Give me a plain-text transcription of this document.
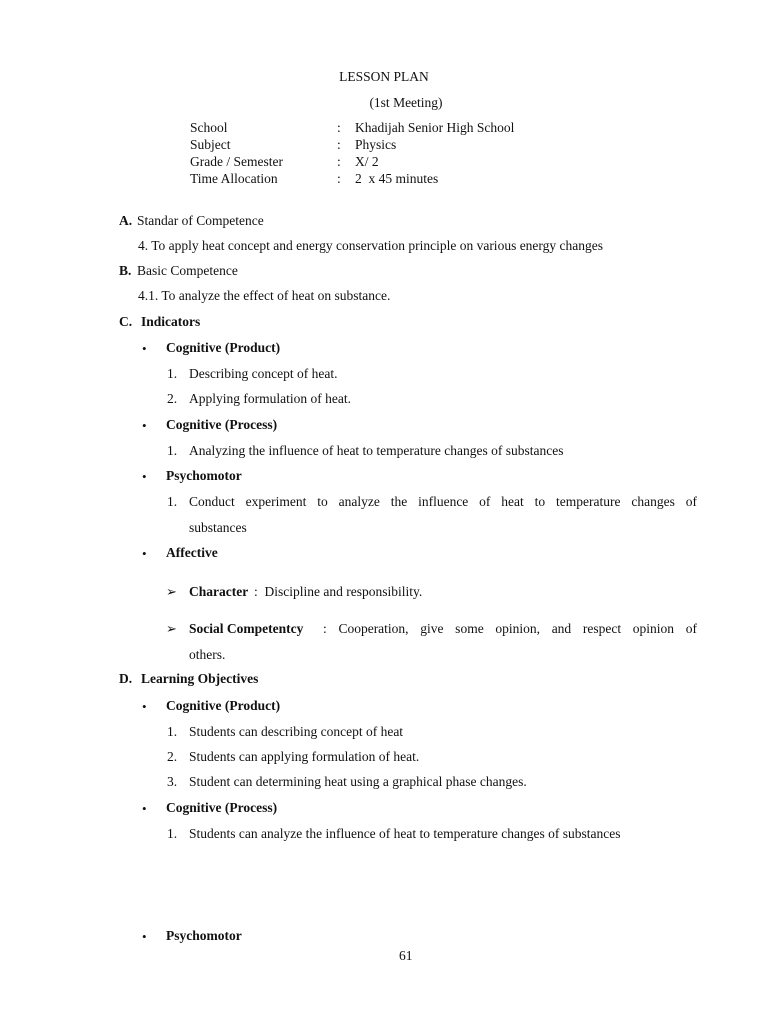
LESSON PLAN
(1st Meeting)
School	: Khadijah Senior High School
Subject	: Physics
Grade / Semester	: X/ 2
Time Allocation	: 2  x 45 minutes
A. Standar of Competence
4. To apply heat concept and energy conservation principle on various energy changes
B. Basic Competence
4.1. To analyze the effect of heat on substance.
C. Indicators
• Cognitive (Product)
1. Describing concept of heat.
2. Applying formulation of heat.
• Cognitive (Process)
1. Analyzing the influence of heat to temperature changes of substances
• Psychomotor
1. Conduct experiment to analyze the influence of heat to temperature changes of
substances
• Affective
➢ Character :  Discipline and responsibility.
➢ Social Competentcy : Cooperation, give some opinion, and respect opinion of
others.
D. Learning Objectives
• Cognitive (Product)
1. Students can describing concept of heat
2. Students can applying formulation of heat.
3. Student can determining heat using a graphical phase changes.
• Cognitive (Process)
1. Students can analyze the influence of heat to temperature changes of substances
• Psychomotor
61
